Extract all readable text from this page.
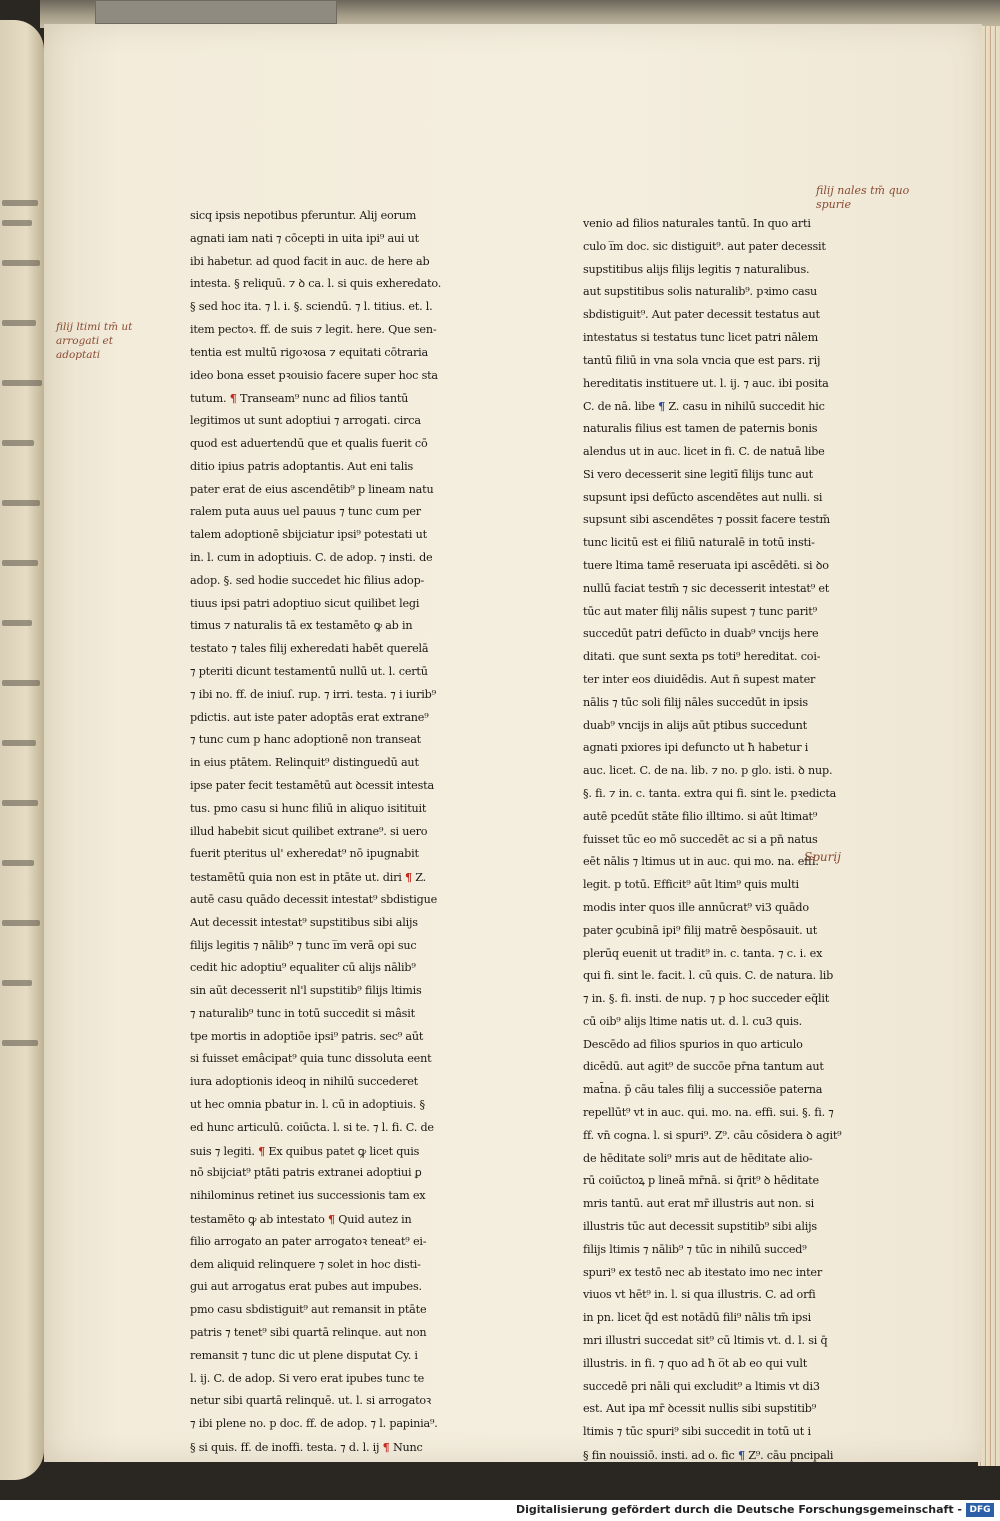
sicq ipsis nepotibus pferuntur. Alij eorum
agnati iam nati ⁊ cōcepti in uita ipi⁹ aui ut
ibi habetur. ad quod facit in auc. de here ab
intesta. § reliquū. ⁊ ꝺ ca. l. si quis exheredato.
§ sed hoc ita. ⁊ l. i. §. sciendū. ⁊ l. titius. et. l.
item pectoꝛ. ff. de suis ⁊ legit. here. Que sen-
tentia est multū rigoꝛosa ⁊ equitati cōtraria
ideo bona esset pꝛouisio facere super hoc sta
tutum. ¶ Transeam⁹ nunc ad filios tantū
legitimos ut sunt adoptiui ⁊ arrogati. circa
quod est aduertendū que et qualis fuerit cō
ditio ipius patris adoptantis. Aut eni talis
pater erat de eius ascendētib⁹ p lineam natu
ralem puta auus uel pauus ⁊ tunc cum per
talem adoptionē sbijciatur ipsi⁹ potestati ut
in. l. cum in adoptiuis. C. de adop. ⁊ insti. de
adop. §. sed hodie succedet hic filius adop-
tiuus ipsi patri adoptiuo sicut quilibet legi
timus ⁊ naturalis tā ex testamēto ꝙ ab in
testato ⁊ tales filij exheredati habēt querelā
⁊ pteriti dicunt testamentū nullū ut. l. certū
⁊ ibi no. ff. de iniuſ. rup. ⁊ irri. testa. ⁊ i iurib⁹
pdictis. aut iste pater adoptās erat extrane⁹
⁊ tunc cum p hanc adoptionē non transeat
in eius ptātem. Relinquit⁹ distinguedū aut
ipse pater fecit testamētū aut ꝺcessit intesta
tus. pmo casu si hunc filiū in aliquo isitituit
illud habebit sicut quilibet extrane⁹. si uero
fuerit pteritus ul' exheredat⁹ nō ipugnabit
testamētū quia non est in ptāte ut. diri ¶ Z.
autē casu quādo decessit intestat⁹ sbdistigue
Aut decessit intestat⁹ supstitibus sibi alijs
filijs legitis ⁊ nālib⁹ ⁊ tunc i̅m verā opi suc
cedit hic adoptiu⁹ equaliter cū alijs nālib⁹
sin aūt decesserit nl'l supstitib⁹ filijs ltimis
⁊ naturalib⁹ tunc in totū succedit si mâsit
tpe mortis in adoptiōe ipsi⁹ patris. sec⁹ aūt
si fuisset emâcipat⁹ quia tunc dissoluta eent
iura adoptionis ideoq in nihilū succederet
ut hec omnia pbatur in. l. cū in adoptiuis. §
ed hunc articulū. coiūcta. l. si te. ⁊ l. fi. C. de
suis ⁊ legiti. ¶ Ex quibus patet ꝙ licet quis
nō sbijciat⁹ ptāti patris extranei adoptiui ꝑ
nihilominus retinet ius successionis tam ex
testamēto ꝙ ab intestato ¶ Quid autez in
filio arrogato an pater arrogatoꝛ teneat⁹ ei-
dem aliquid relinquere ⁊ solet in hoc disti-
gui aut arrogatus erat pubes aut impubes.
pmo casu sbdistiguit⁹ aut remansit in ptāte
patris ⁊ tenet⁹ sibi quartā relinque. aut non
remansit ⁊ tunc dic ut plene disputat Cy. i
l. ij. C. de adop. Si vero erat ipubes tunc te
netur sibi quartā relinquē. ut. l. si arrogatoꝛ
⁊ ibi plene no. p doc. ff. de adop. ⁊ l. papinia⁹.
§ si quis. ff. de inoffi. testa. ⁊ d. l. ij ¶ Nunc
venio ad filios naturales tantū. In quo arti
culo i̅m doc. sic distiguit⁹. aut pater decessit
supstitibus alijs filijs legitis ⁊ naturalibus.
aut supstitibus solis naturalib⁹. pꝛimo casu
sbdistiguit⁹. Aut pater decessit testatus aut
intestatus si testatus tunc licet patri nālem
tantū filiū in vna sola vncia que est pars. rij
hereditatis instituere ut. l. ij. ⁊ auc. ibi posita
C. de nā. libe ¶ Z. casu in nihilū succedit hic
naturalis filius est tamen de paternis bonis
alendus ut in auc. licet in fi. C. de natuā libe
Si vero decesserit sine legitī filijs tunc aut
supsunt ipsi defūcto ascendētes aut nulli. si
supsunt sibi ascendētes ⁊ possit facere testm̄
tunc licitū est ei filiū naturalē in totū insti-
tuere ltima tamē reseruata ipi ascēdēti. si ꝺo
nullū faciat testm̄ ⁊ sic decesserit intestat⁹ et
tūc aut mater filij nālis supest ⁊ tunc parit⁹
succedūt patri defūcto in duab⁹ vncijs here
ditati. que sunt sexta ps toti⁹ hereditat. coi-
ter inter eos diuidēdis. Aut n̄ supest mater
nālis ⁊ tūc soli filij nāles succedūt in ipsis
duab⁹ vncijs in alijs aūt ptibus succedunt
agnati pxiores ipi defuncto ut ħ habetur i
auc. licet. C. de na. lib. ⁊ no. p glo. isti. ꝺ nup.
§. fi. ⁊ in. c. tanta. extra qui fi. sint le. pꝛedicta
autē pcedūt stāte filio illtimo. si aūt ltimat⁹
fuisset tūc eo mō succedēt ac si a pn̄ natus
eēt nālis ⁊ ltimus ut in auc. qui mo. na. effi.
legit. p totū. Efficit⁹ aūt ltim⁹ quis multi
modis inter quos ille annūcrat⁹ vi3 quādo
pater ꝯcubinā ipi⁹ filij matrē ꝺespōsauit. ut
plerūq euenit ut tradit⁹ in. c. tanta. ⁊ c. i. ex
qui fi. sint le. facit. l. cū quis. C. de natura. lib
⁊ in. §. fi. insti. de nup. ⁊ p hoc succeder eq̄lit
cū oib⁹ alijs ltime natis ut. d. l. cu3 quis.
Descēdo ad filios spurios in quo articulo
dicēdū. aut agit⁹ de succōe pr̄na tantum aut
mat̄na. p̄ cāu tales filij a successiōe paterna
repellūt⁹ vt in auc. qui. mo. na. effi. sui. §. fi. ⁊
ff. vn̄ cogna. l. si spuri⁹. Z⁹. cāu cōsidera ꝺ agit⁹
de hēditate soli⁹ mris aut de hēditate alio-
rū coiūctoꝝ p lineā mr̄nā. si q̄rit⁹ ꝺ hēditate
mris tantū. aut erat mr̄ illustris aut non. si
illustris tūc aut decessit supstitib⁹ sibi alijs
filijs ltimis ⁊ nālib⁹ ⁊ tūc in nihilū succed⁹
spuri⁹ ex testō nec ab itestato imo nec inter
viuos vt hēt⁹ in. l. si qua illustris. C. ad orfi
in pn. licet q̄d est notādū fili⁹ nālis tm̄ ipsi
mri illustri succedat sit⁹ cū ltimis vt. d. l. si q̄
illustris. in fi. ⁊ quo ad ħ o̅t ab eo qui vult
succedē pri nāli qui excludit⁹ a ltimis vt di3
est. Aut ipa mr̄ ꝺcessit nullis sibi supstitib⁹
ltimis ⁊ tūc spuri⁹ sibi succedit in totū ut i
§ fin nouissiō. insti. ad o. fic ¶ Z⁹. cāu pncipali
filij ltimi tm̄ ut arrogati et adoptati
filij nales tm̄ quo spurie
Spurij
Digitalisierung gefördert durch die Deutsche Forschungsgemeinschaft - DFG
